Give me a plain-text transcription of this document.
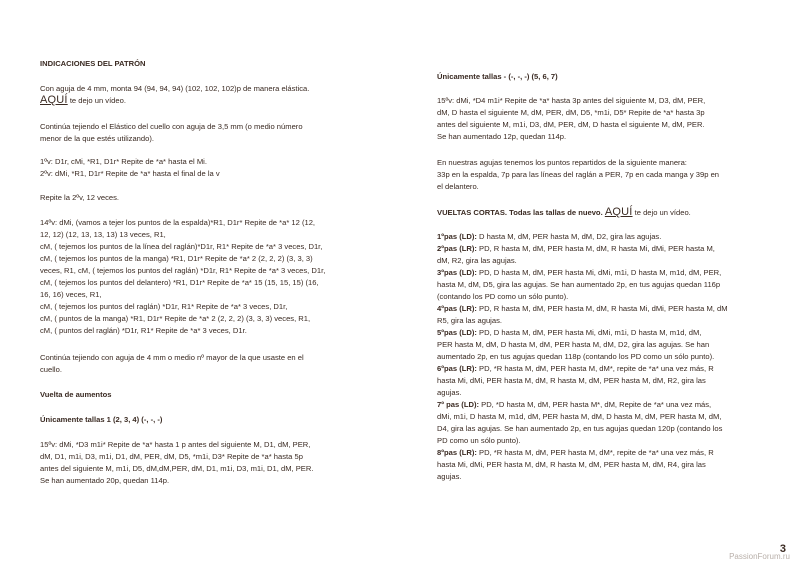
INDICACIONES DEL PATRÓN

Con aguja de 4 mm, monta 94 (94, 94, 94) (102, 102, 102)p de manera elástica.

AQUÍ te dejo un vídeo.

Continúa tejiendo el Elástico del cuello con aguja de 3,5 mm (o medio número

menor de la que estés utilizando).

1ºv: D1r, cMi, *R1, D1r* Repite de *a* hasta el Mi.

2ºv: dMi, *R1, D1r* Repite de *a* hasta el final de la v

Repite la 2ºv, 12 veces.

14ºv: dMi, (vamos a tejer los puntos de la espalda)*R1, D1r* Repite de *a* 12 (12,

12, 12) (12, 13, 13, 13) 13 veces, R1,

cM, ( tejemos los puntos de la línea del raglán)*D1r, R1* Repite de *a* 3 veces, D1r,

cM, ( tejemos los puntos de la manga) *R1, D1r* Repite de *a* 2 (2, 2, 2) (3, 3, 3)

veces, R1, cM, ( tejemos los puntos del raglán) *D1r, R1* Repite de *a* 3 veces, D1r,

cM, ( tejemos los puntos del delantero) *R1, D1r* Repite de *a* 15 (15, 15, 15) (16,

16, 16) veces, R1,

cM, ( tejemos los puntos del raglán) *D1r, R1* Repite de *a* 3 veces, D1r,

cM, ( puntos de la manga) *R1, D1r* Repite de *a* 2 (2, 2, 2) (3, 3, 3) veces, R1,

cM, ( puntos del raglán) *D1r, R1* Repite de *a* 3 veces, D1r.

Continúa tejiendo con aguja de 4 mm o medio nº mayor de la que usaste en el

cuello.

Vuelta de aumentos

Únicamente tallas 1 (2, 3, 4) (-, -, -)

15ºv: dMi, *D3 m1i* Repite de *a* hasta 1 p antes del siguiente M, D1, dM, PER,

dM, D1, m1i, D3, m1i, D1, dM, PER, dM, D5, *m1i, D3* Repite de *a* hasta 5p

antes del siguiente M, m1i, D5, dM,dM,PER, dM, D1, m1i, D3, m1i, D1, dM, PER.

Se han aumentado 20p, quedan 114p.

Únicamente tallas - (-, -, -) (5, 6, 7)

15ºv: dMi, *D4 m1i* Repite de *a* hasta 3p antes del siguiente M, D3, dM, PER,

dM, D hasta el siguiente M, dM, PER, dM, D5, *m1i, D5* Repite de *a* hasta 3p

antes del siguiente M, m1i, D3, dM, PER, dM, D hasta el siguiente M, dM, PER.

Se han aumentado 12p, quedan 114p.

En nuestras agujas tenemos los puntos repartidos de la siguiente manera:

33p en la espalda, 7p para las líneas del raglán a PER, 7p en cada manga y 39p en

el delantero.

VUELTAS CORTAS. Todas las tallas de nuevo. AQUÍ te dejo un vídeo.

1ºpas (LD): D hasta M, dM, PER hasta M, dM, D2, gira las agujas.

2ºpas (LR): PD, R hasta M, dM, PER hasta M, dM, R hasta Mi, dMi, PER hasta M,

dM, R2, gira las agujas.

3ºpas (LD): PD, D hasta M, dM, PER hasta Mi, dMi, m1i, D hasta M, m1d, dM, PER,

hasta M, dM, D5, gira las agujas. Se han aumentado 2p, en tus agujas quedan 116p

(contando los PD como un sólo punto).

4ºpas (LR): PD, R hasta M, dM, PER hasta M, dM, R hasta Mi, dMi, PER hasta M, dM

R5, gira las agujas.

5ºpas (LD): PD, D hasta M, dM, PER hasta Mi, dMi, m1i, D hasta M, m1d, dM,

PER hasta M, dM, D hasta M, dM, PER hasta M, dM, D2, gira las agujas. Se han

aumentado 2p, en tus agujas quedan 118p (contando los PD como un sólo punto).

6ºpas (LR): PD, *R hasta M, dM, PER hasta M, dM*, repite de *a* una vez más, R

hasta Mi, dMi, PER hasta M, dM, R hasta M, dM, PER hasta M, dM, R2, gira las

agujas.

7º pas (LD): PD, *D hasta M, dM, PER hasta M*, dM, Repite de *a* una vez más,

dMi, m1i, D hasta M, m1d, dM, PER hasta M, dM, D hasta M, dM, PER hasta M, dM,

D4, gira las agujas. Se han aumentado 2p, en tus agujas quedan 120p (contando los

PD como un sólo punto).

8ºpas (LR): PD, *R hasta M, dM, PER hasta M, dM*, repite de *a* una vez más, R

hasta Mi, dMi, PER hasta M, dM, R hasta M, dM, PER hasta M, dM, R4, gira las

agujas.

3
PassionForum.ru
